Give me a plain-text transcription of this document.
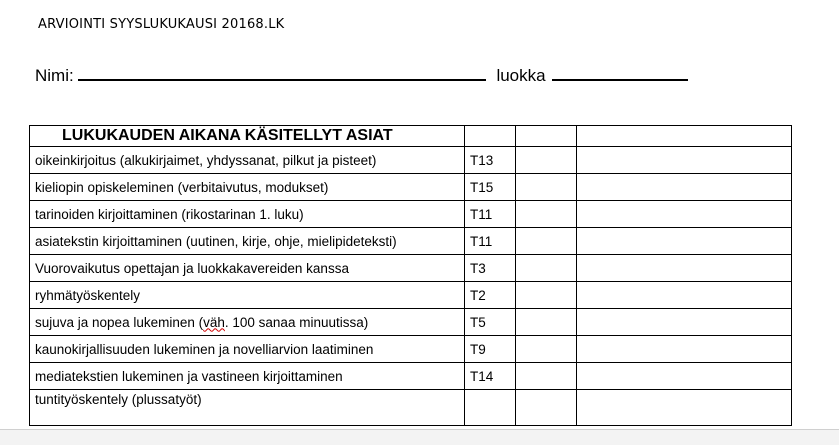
ARVIOINTI SYYSLUKUKAUSI 20168.LK
Nimi:	luokka
LUKUKAUDEN AIKANA KÄSITELLYT ASIAT			
oikeinkirjoitus (alkukirjaimet, yhdyssanat, pilkut ja pisteet)	T13		
kieliopin opiskeleminen (verbitaivutus, modukset)	T15		
tarinoiden kirjoittaminen (rikostarinan 1. luku)	T11		
asiatekstin kirjoittaminen (uutinen, kirje, ohje, mielipideteksti)	T11		
Vuorovaikutus opettajan ja luokkakavereiden kanssa	T3		
ryhmätyöskentely	T2		
sujuva ja nopea lukeminen (väh. 100 sanaa minuutissa)	T5		
kaunokirjallisuuden lukeminen ja novelliarvion laatiminen	T9		
mediatekstien lukeminen ja vastineen kirjoittaminen	T14		
tuntityöskentely (plussatyöt)			
